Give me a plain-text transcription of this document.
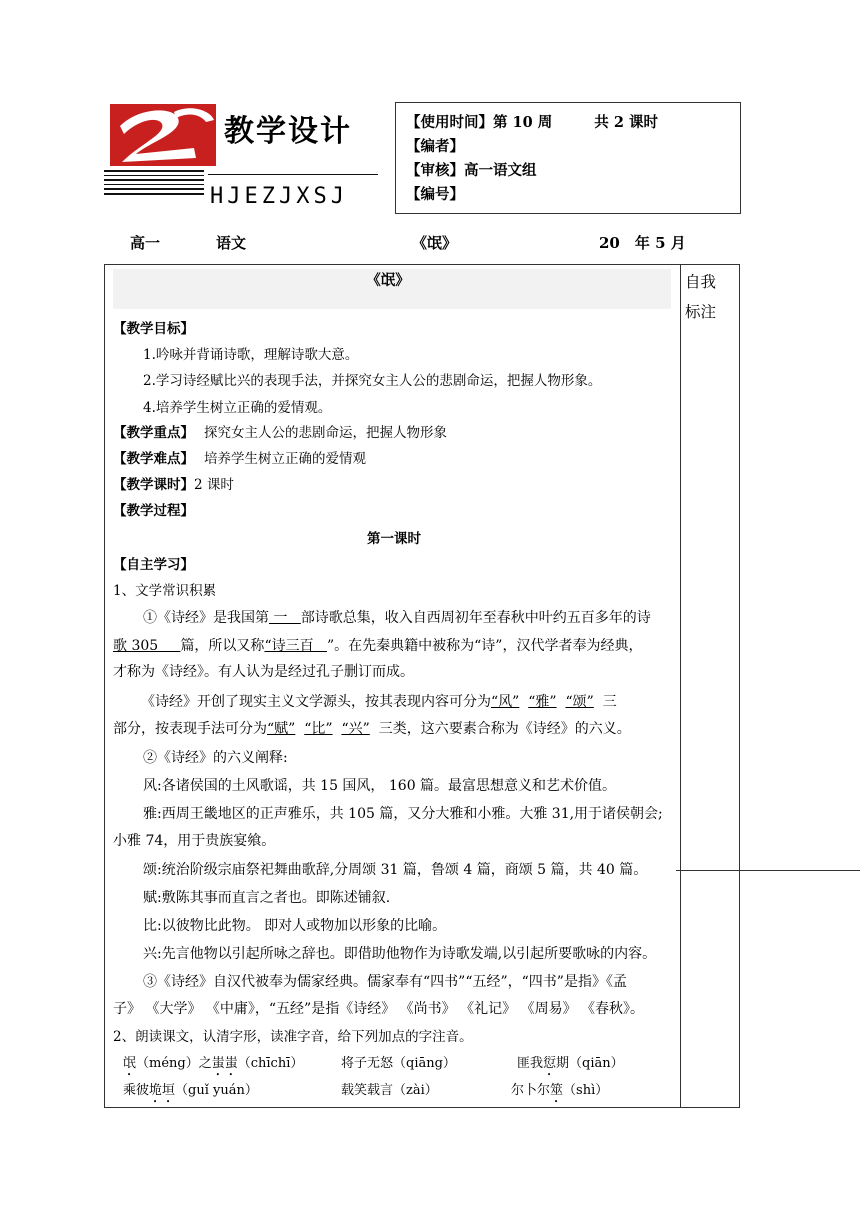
教学设计
HJEZJXSJ
【使用时间】第 10 周	共 2 课时
【编者】
【审核】高一语文组
【编号】
高一	语文	《氓》	20　年 5 月
自我
标注
《氓》
【教学目标】
1.吟咏并背诵诗歌，理解诗歌大意。
2.学习诗经赋比兴的表现手法，并探究女主人公的悲剧命运，把握人物形象。
4.培养学生树立正确的爱情观。
【教学重点】 探究女主人公的悲剧命运，把握人物形象
【教学难点】 培养学生树立正确的爱情观
【教学课时】2 课时
【教学过程】
第一课时
【自主学习】
1、文学常识积累
①《诗经》是我国第 一 部诗歌总集，收入自西周初年至春秋中叶约五百多年的诗
歌 305 篇，所以又称“诗三百 ”。在先秦典籍中被称为“诗”，汉代学者奉为经典，
才称为《诗经》。有人认为是经过孔子删订而成。
《诗经》开创了现实主义文学源头，按其表现内容可分为“风” “雅” “颂” 三
部分，按表现手法可分为“赋” “比” “兴” 三类，这六要素合称为《诗经》的六义。
②《诗经》的六义阐释:
风:各诸侯国的土风歌谣，共 15 国风， 160 篇。最富思想意义和艺术价值。
雅:西周王畿地区的正声雅乐，共 105 篇，又分大雅和小雅。大雅 31,用于诸侯朝会;
小雅 74，用于贵族宴飨。
颂:统治阶级宗庙祭祀舞曲歌辞,分周颂 31 篇，鲁颂 4 篇，商颂 5 篇，共 40 篇。
赋:敷陈其事而直言之者也。即陈述铺叙.
比:以彼物比此物。 即对人或物加以形象的比喻。
兴:先言他物以引起所咏之辞也。即借助他物作为诗歌发端,以引起所要歌咏的内容。
③《诗经》自汉代被奉为儒家经典。儒家奉有“四书”“五经”，“四书”是指》《孟
子》 《大学》 《中庸》，“五经”是指《诗经》 《尚书》 《礼记》 《周易》 《春秋》。
2、朗读课文，认清字形，读准字音，给下列加点的字注音。
氓（méng）之蚩蚩（chīchī）	将子无怒（qiāng）	匪我愆期（qiān）
乘彼垝垣（guǐ yuán）	载笑载言（zài）	尔卜尔筮（shì）
